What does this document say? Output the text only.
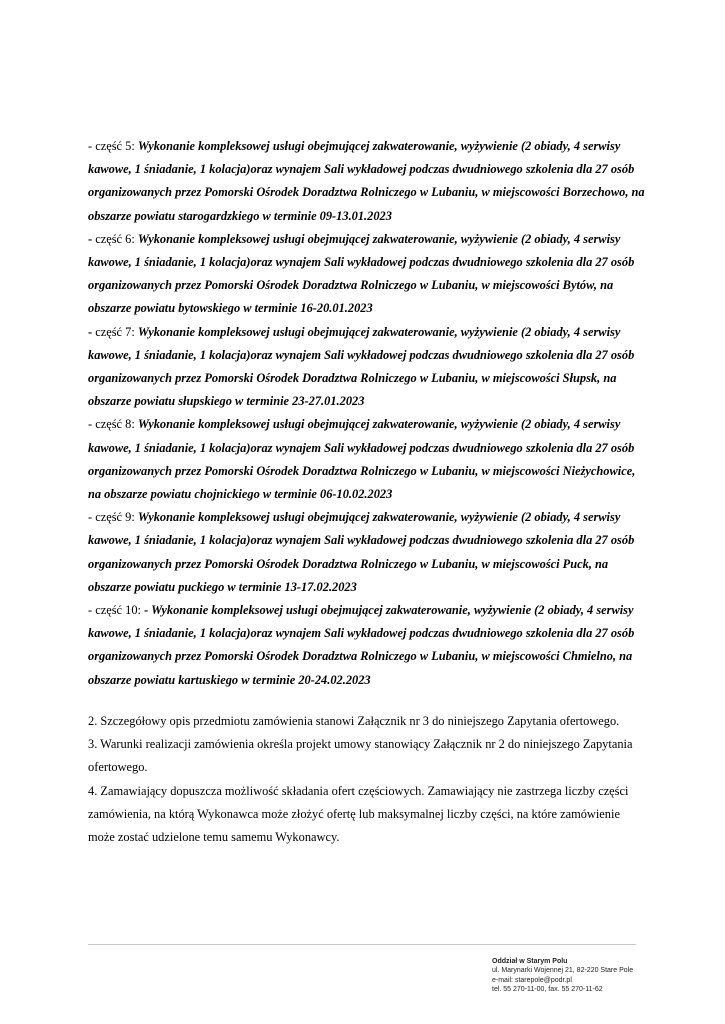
- część 5: Wykonanie kompleksowej usługi obejmującej zakwaterowanie, wyżywienie (2 obiady, 4 serwisy kawowe, 1 śniadanie, 1 kolacja)oraz wynajem Sali wykładowej podczas dwudniowego szkolenia dla 27 osób organizowanych przez Pomorski Ośrodek Doradztwa Rolniczego w Lubaniu, w miejscowości Borzechowo, na obszarze powiatu starogardzkiego w terminie 09-13.01.2023

- część 6: Wykonanie kompleksowej usługi obejmującej zakwaterowanie, wyżywienie (2 obiady, 4 serwisy kawowe, 1 śniadanie, 1 kolacja)oraz wynajem Sali wykładowej podczas dwudniowego szkolenia dla 27 osób organizowanych przez Pomorski Ośrodek Doradztwa Rolniczego w Lubaniu, w miejscowości Bytów, na obszarze powiatu bytowskiego w terminie 16-20.01.2023

- część 7: Wykonanie kompleksowej usługi obejmującej zakwaterowanie, wyżywienie (2 obiady, 4 serwisy kawowe, 1 śniadanie, 1 kolacja)oraz wynajem Sali wykładowej podczas dwudniowego szkolenia dla 27 osób organizowanych przez Pomorski Ośrodek Doradztwa Rolniczego w Lubaniu, w miejscowości Słupsk, na obszarze powiatu słupskiego w terminie 23-27.01.2023

- część 8: Wykonanie kompleksowej usługi obejmującej zakwaterowanie, wyżywienie (2 obiady, 4 serwisy kawowe, 1 śniadanie, 1 kolacja)oraz wynajem Sali wykładowej podczas dwudniowego szkolenia dla 27 osób organizowanych przez Pomorski Ośrodek Doradztwa Rolniczego w Lubaniu, w miejscowości Nieżychowice, na obszarze powiatu chojnickiego w terminie 06-10.02.2023

- część 9: Wykonanie kompleksowej usługi obejmującej zakwaterowanie, wyżywienie (2 obiady, 4 serwisy kawowe, 1 śniadanie, 1 kolacja)oraz wynajem Sali wykładowej podczas dwudniowego szkolenia dla 27 osób organizowanych przez Pomorski Ośrodek Doradztwa Rolniczego w Lubaniu, w miejscowości Puck, na obszarze powiatu puckiego w terminie 13-17.02.2023

- część 10: - Wykonanie kompleksowej usługi obejmującej zakwaterowanie, wyżywienie (2 obiady, 4 serwisy kawowe, 1 śniadanie, 1 kolacja)oraz wynajem Sali wykładowej podczas dwudniowego szkolenia dla 27 osób organizowanych przez Pomorski Ośrodek Doradztwa Rolniczego w Lubaniu, w miejscowości Chmielno, na obszarze powiatu kartuskiego w terminie 20-24.02.2023

2. Szczegółowy opis przedmiotu zamówienia stanowi Załącznik nr 3 do niniejszego Zapytania ofertowego.

3. Warunki realizacji zamówienia określa projekt umowy stanowiący Załącznik nr 2 do niniejszego Zapytania ofertowego.

4. Zamawiający dopuszcza możliwość składania ofert częściowych. Zamawiający nie zastrzega liczby części zamówienia, na którą Wykonawca może złożyć ofertę lub maksymalnej liczby części, na które zamówienie może zostać udzielone temu samemu Wykonawcy.

Oddział w Starym Polu
ul. Marynarki Wojennej 21, 82-220 Stare Pole
e-mail: starepole@podr.pl
tel. 55 270-11-00, fax. 55 270-11-62
